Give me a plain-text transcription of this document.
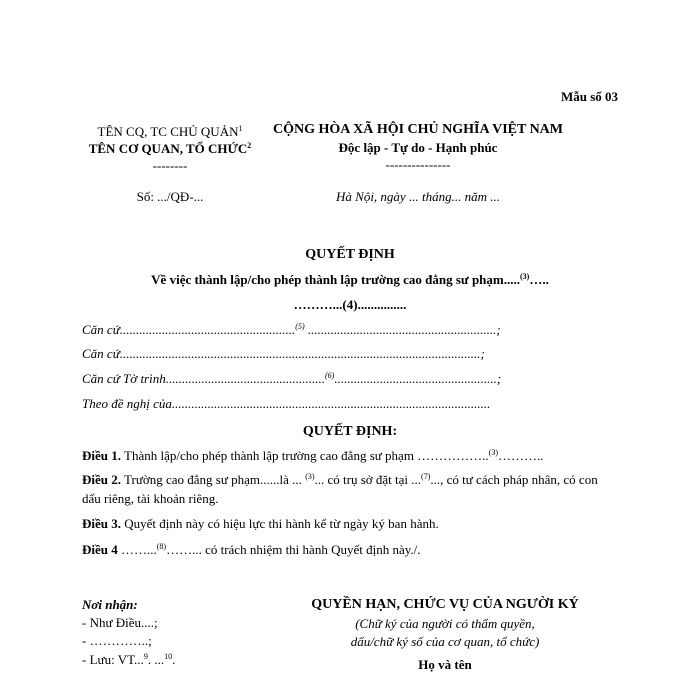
Mẫu số 03
TÊN CQ, TC CHỦ QUẢN$^1$
TÊN CƠ QUAN, TỔ CHỨC$^2$
--------
Số: .../QĐ-...
CỘNG HÒA XÃ HỘI CHỦ NGHĨA VIỆT NAM
Độc lập - Tự do - Hạnh phúc
---------------
Hà Nội, ngày ... tháng... năm ...
QUYẾT ĐỊNH
Về việc thành lập/cho phép thành lập trường cao đẳng sư phạm.....$^{(3)}$…..
………...(4)...............
Căn cứ......................................................$^{(5)}$ ..........................................................;
Căn cứ...............................................................................................................;
Căn cứ Tờ trình.................................................$^{(6)}$..................................................;
Theo đề nghị của..................................................................................................
QUYẾT ĐỊNH:
Điều 1. Thành lập/cho phép thành lập trường cao đẳng sư phạm ……………..$^{(3)}$………..
Điều 2. Trường cao đẳng sư phạm......là ... $^{(3)}$... có trụ sở đặt tại ...$^{(7)}$..., có tư cách pháp nhân, có con dấu riêng, tài khoản riêng.
Điều 3. Quyết định này có hiệu lực thi hành kể từ ngày ký ban hành.
Điều 4 ……...$^{(8)}$……... có trách nhiệm thi hành Quyết định này./.
Nơi nhận:
- Như Điều....;
- …………..;
- Lưu: VT...$^9$. ...$^{10}$.
QUYỀN HẠN, CHỨC VỤ CỦA NGƯỜI KÝ
(Chữ ký của người có thẩm quyền,
dấu/chữ ký số của cơ quan, tổ chức)
Họ và tên
